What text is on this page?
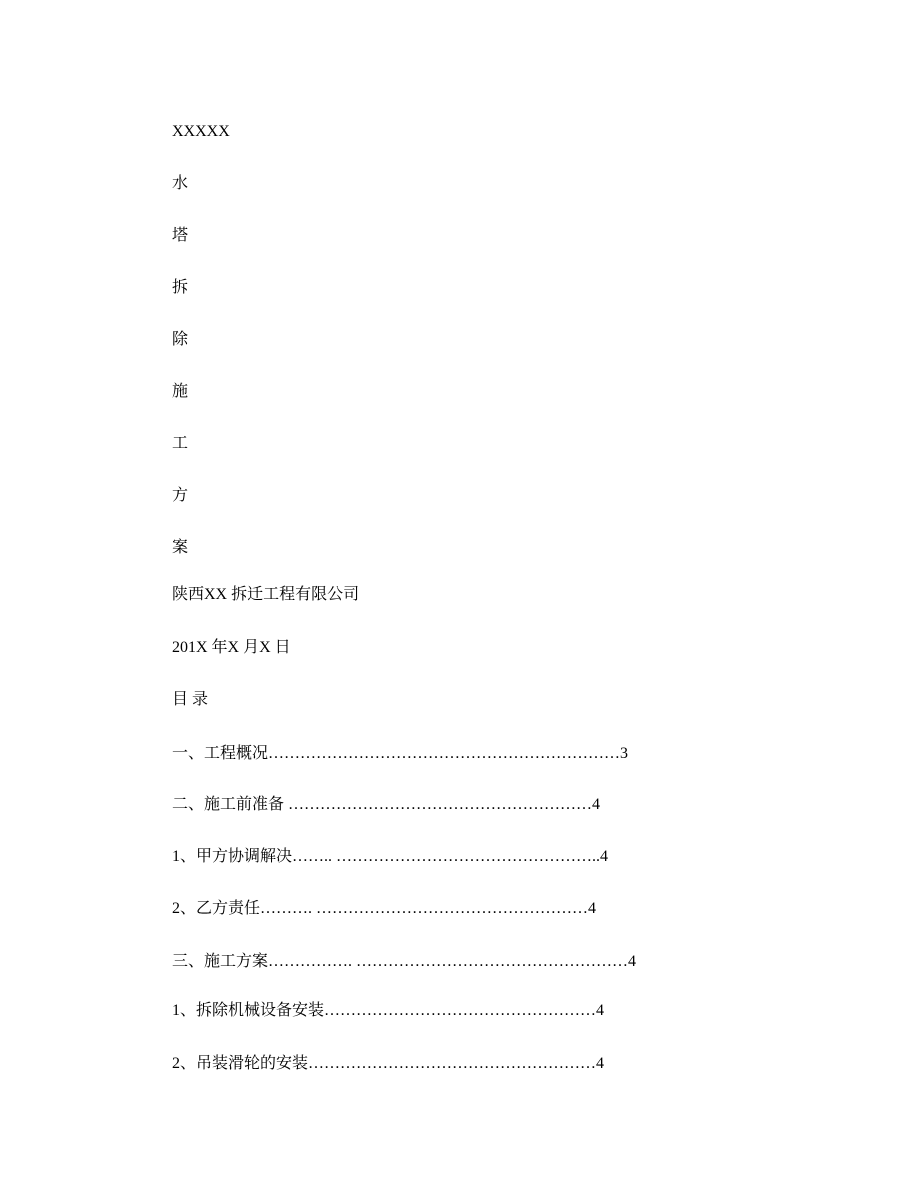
XXXXX
水
塔
拆
除
施
工
方
案
陕西XX 拆迁工程有限公司
201X 年X 月X 日
目 录
一、工程概况…………………………………………………………3
二、施工前准备 …………………………………………………4
1、甲方协调解决…….. …………………………………………..4
2、乙方责任………. ……………………………………………4
三、施工方案……………. ……………………………………………4
1、拆除机械设备安装……………………………………………4
2、吊装滑轮的安装………………………………………………4
